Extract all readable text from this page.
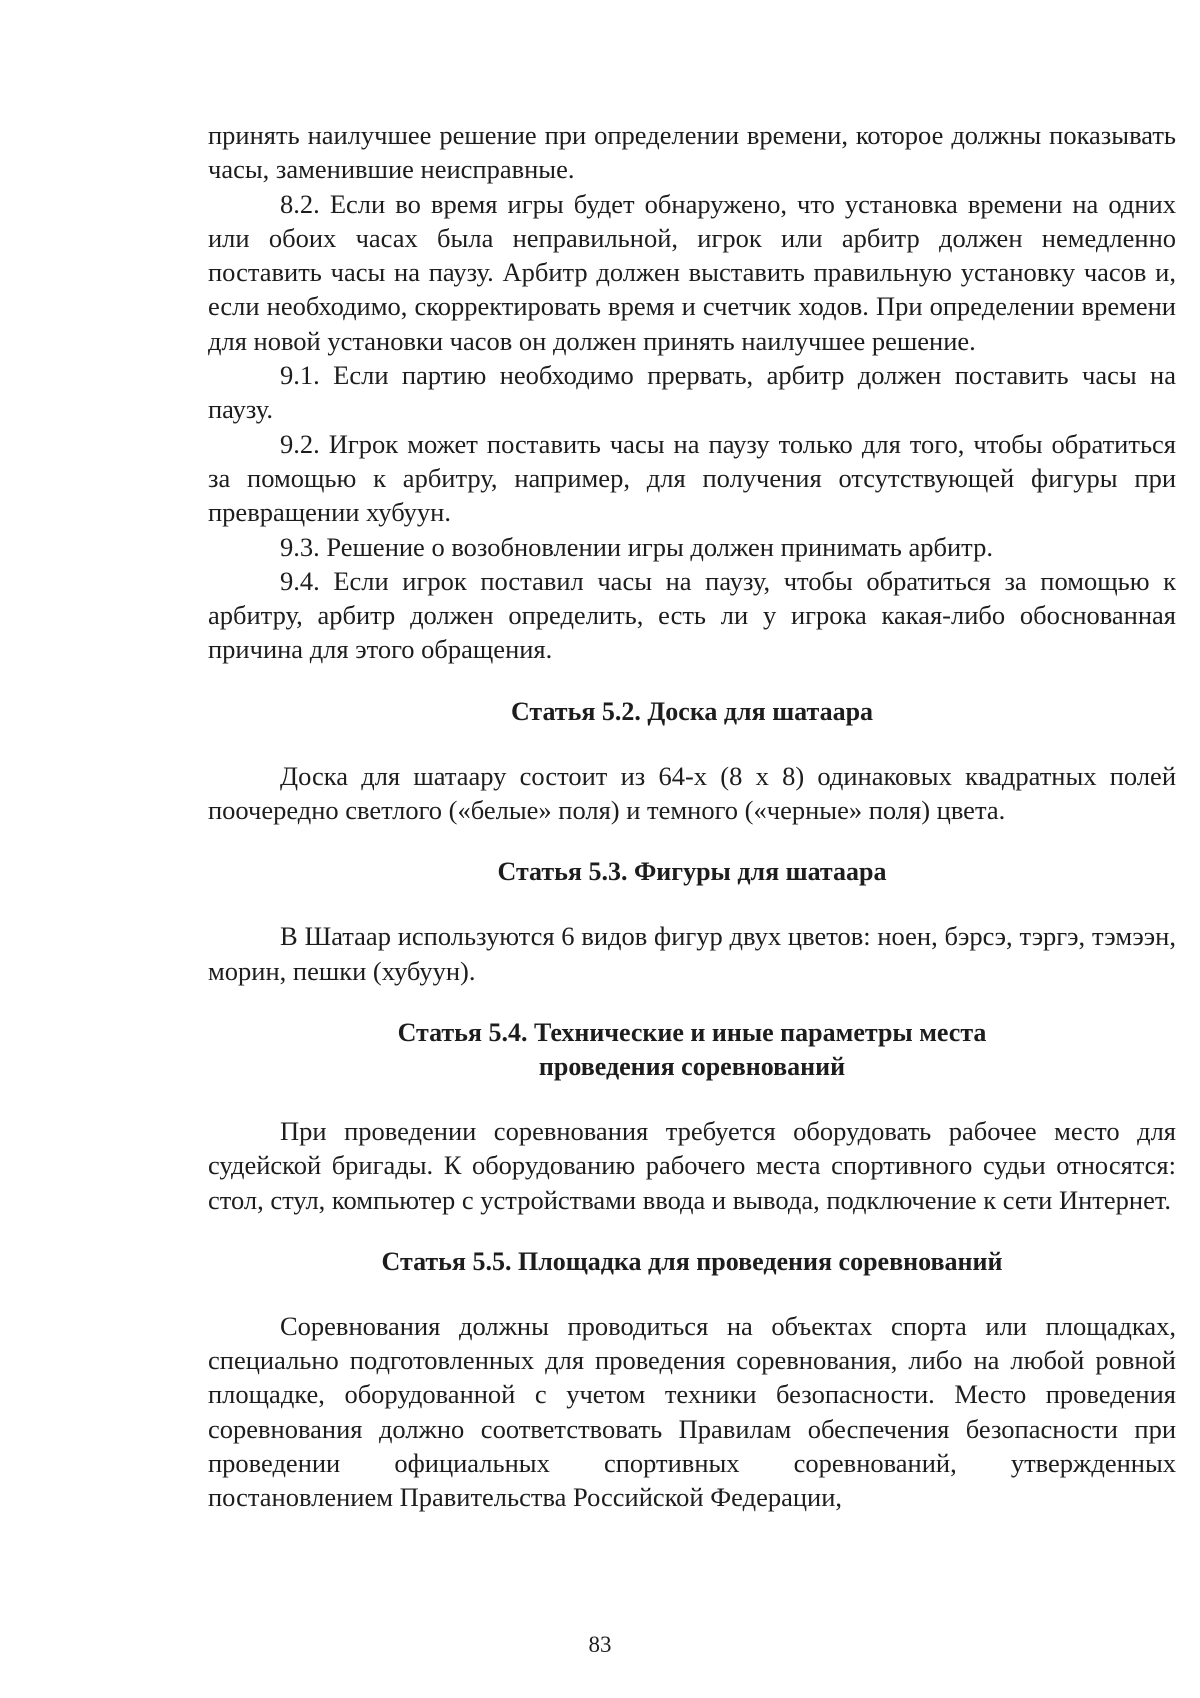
принять наилучшее решение при определении времени, которое должны показывать часы, заменившие неисправные.

8.2. Если во время игры будет обнаружено, что установка времени на одних или обоих часах была неправильной, игрок или арбитр должен немедленно поставить часы на паузу. Арбитр должен выставить правильную установку часов и, если необходимо, скорректировать время и счетчик ходов. При определении времени для новой установки часов он должен принять наилучшее решение.

9.1. Если партию необходимо прервать, арбитр должен поставить часы на паузу.

9.2. Игрок может поставить часы на паузу только для того, чтобы обратиться за помощью к арбитру, например, для получения отсутствующей фигуры при превращении хубуун.

9.3. Решение о возобновлении игры должен принимать арбитр.

9.4. Если игрок поставил часы на паузу, чтобы обратиться за помощью к арбитру, арбитр должен определить, есть ли у игрока какая-либо обоснованная причина для этого обращения.

Статья 5.2. Доска для шатаара

Доска для шатаару состоит из 64-х (8 х 8) одинаковых квадратных полей поочередно светлого («белые» поля) и темного («черные» поля) цвета.

Статья 5.3. Фигуры для шатаара

В Шатаар используются 6 видов фигур двух цветов: ноен, бэрсэ, тэргэ, тэмээн, морин, пешки (хубуун).

Статья 5.4. Технические и иные параметры места
проведения соревнований

При проведении соревнования требуется оборудовать рабочее место для судейской бригады. К оборудованию рабочего места спортивного судьи относятся: стол, стул, компьютер с устройствами ввода и вывода, подключение к сети Интернет.

Статья 5.5. Площадка для проведения соревнований

Соревнования должны проводиться на объектах спорта или площадках, специально подготовленных для проведения соревнования, либо на любой ровной площадке, оборудованной с учетом техники безопасности. Место проведения соревнования должно соответствовать Правилам обеспечения безопасности при проведении официальных спортивных соревнований, утвержденных постановлением Правительства Российской Федерации,

83
